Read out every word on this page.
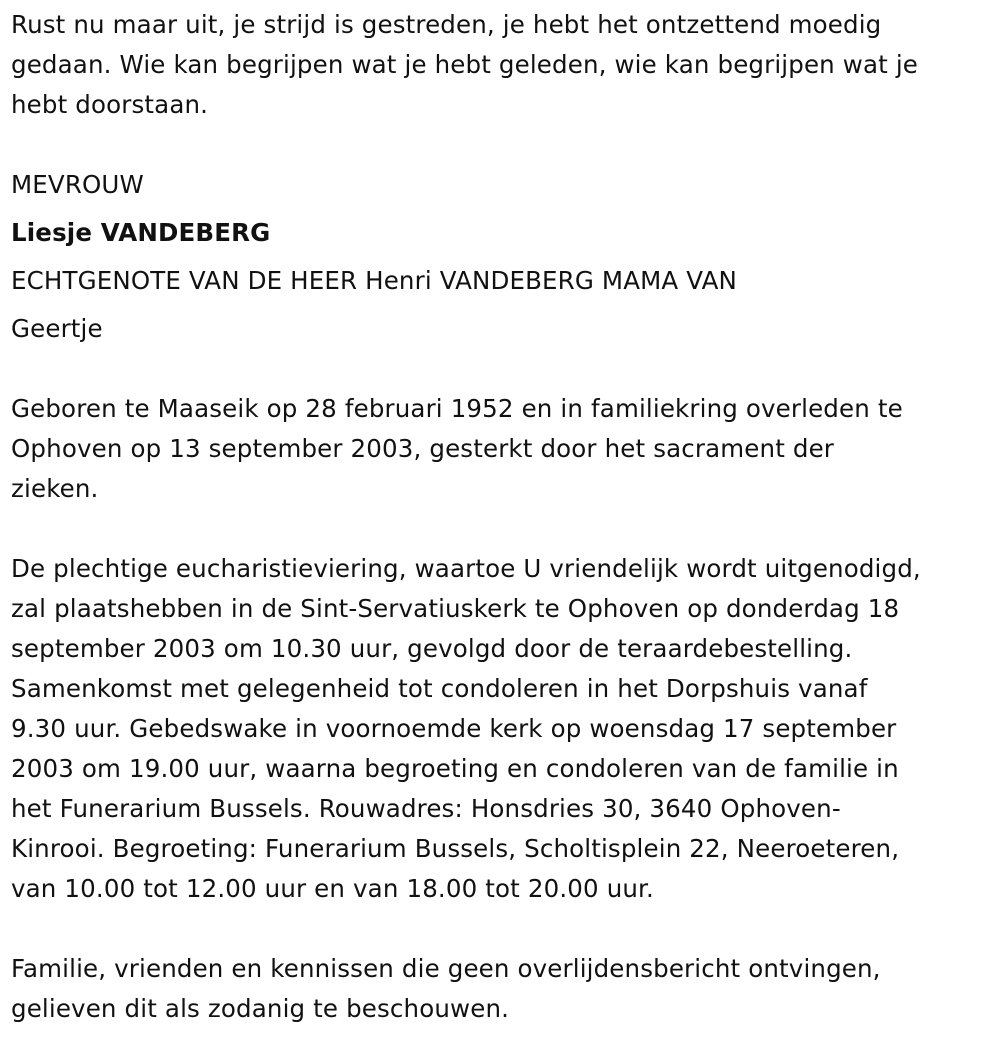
Rust nu maar uit, je strijd is gestreden, je hebt het ontzettend moedig
gedaan. Wie kan begrijpen wat je hebt geleden, wie kan begrijpen wat je
hebt doorstaan.
MEVROUW
Liesje VANDEBERG
ECHTGENOTE VAN DE HEER Henri VANDEBERG MAMA VAN
Geertje
Geboren te Maaseik op 28 februari 1952 en in familiekring overleden te
Ophoven op 13 september 2003, gesterkt door het sacrament der
zieken.
De plechtige eucharistieviering, waartoe U vriendelijk wordt uitgenodigd,
zal plaatshebben in de Sint-Servatiuskerk te Ophoven op donderdag 18
september 2003 om 10.30 uur, gevolgd door de teraardebestelling.
Samenkomst met gelegenheid tot condoleren in het Dorpshuis vanaf
9.30 uur. Gebedswake in voornoemde kerk op woensdag 17 september
2003 om 19.00 uur, waarna begroeting en condoleren van de familie in
het Funerarium Bussels. Rouwadres: Honsdries 30, 3640 Ophoven-
Kinrooi. Begroeting: Funerarium Bussels, Scholtisplein 22, Neeroeteren,
van 10.00 tot 12.00 uur en van 18.00 tot 20.00 uur.
Familie, vrienden en kennissen die geen overlijdensbericht ontvingen,
gelieven dit als zodanig te beschouwen.
